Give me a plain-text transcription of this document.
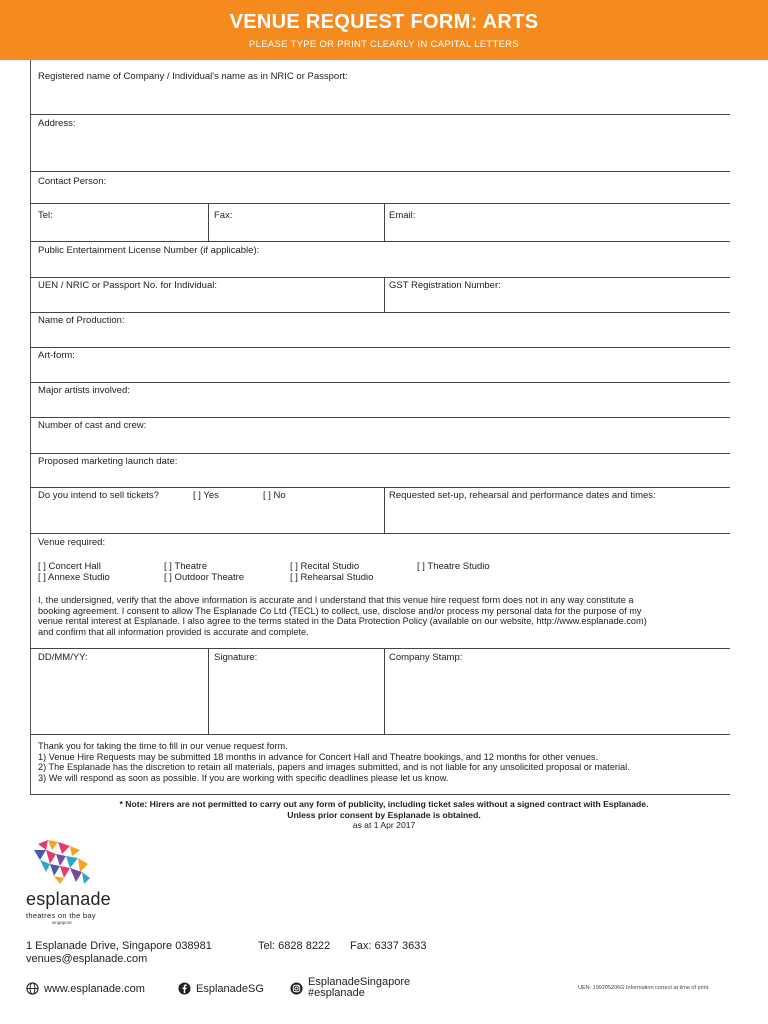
VENUE REQUEST FORM: ARTS
PLEASE TYPE OR PRINT CLEARLY IN CAPITAL LETTERS
Registered name of Company / Individual's name as in NRIC or Passport:
Address:
Contact Person:
Tel:	Fax:	Email:
Public Entertainment License Number (if applicable):
UEN / NRIC or Passport No. for Individual:	GST Registration Number:
Name of Production:
Art-form:
Major artists involved:
Number of cast and crew:
Proposed marketing launch date:
Do you intend to sell tickets?	[ ] Yes	[ ] No	Requested set-up, rehearsal and performance dates and times:
Venue required:
[ ] Concert Hall	[ ] Theatre	[ ] Recital Studio	[ ] Theatre Studio
[ ] Annexe Studio	[ ] Outdoor Theatre	[ ] Rehearsal Studio
I, the undersigned, verify that the above information is accurate and I understand that this venue hire request form does not in any way constitute a
booking agreement. I consent to allow The Esplanade Co Ltd (TECL) to collect, use, disclose and/or process my personal data for the purpose of my
venue rental interest at Esplanade. I also agree to the terms stated in the Data Protection Policy (available on our website, http://www.esplanade.com)
and confirm that all information provided is accurate and complete.
DD/MM/YY:	Signature:	Company Stamp:
Thank you for taking the time to fill in our venue request form.
1) Venue Hire Requests may be submitted 18 months in advance for Concert Hall and Theatre bookings, and 12 months for other venues.
2) The Esplanade has the discretion to retain all materials, papers and images submitted, and is not liable for any unsolicited proposal or material.
3) We will respond as soon as possible. If you are working with specific deadlines please let us know.
* Note: Hirers are not permitted to carry out any form of publicity, including ticket sales without a signed contract with Esplanade.
Unless prior consent by Esplanade is obtained.
as at 1 Apr 2017
esplanade
theatres on the bay
singapore
1 Esplanade Drive, Singapore 038981	Tel: 6828 8222 Fax: 6337 3633
venues@esplanade.com
www.esplanade.com	EsplanadeSG
EsplanadeSingapore
#esplanade	UEN: 199205206G Information correct at time of print.
